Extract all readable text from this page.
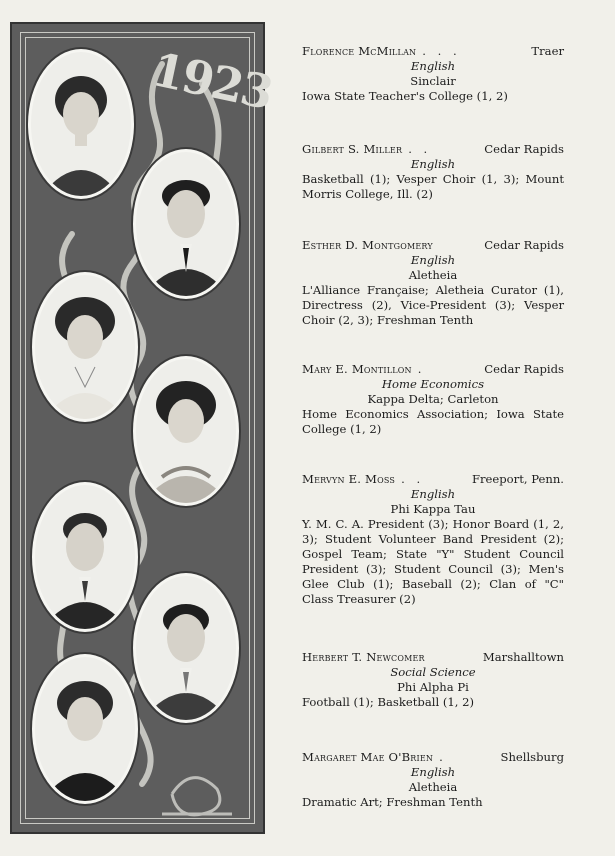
1923 Florence McMillan . . .	Traer
English
Sinclair
Iowa State Teacher's College (1, 2)
Gilbert S. Miller . .	Cedar Rapids
English
Basketball (1); Vesper Choir (1, 3); Mount Morris College, Ill. (2)
Esther D. Montgomery	Cedar Rapids
English
Aletheia
L'Alliance Française; Aletheia Curator (1), Directress (2), Vice-President (3); Vesper Choir (2, 3); Freshman Tenth
Mary E. Montillon .	Cedar Rapids
Home Economics
Kappa Delta; Carleton
Home Economics Association; Iowa State College (1, 2)
Mervyn E. Moss . .	Freeport, Penn.
English
Phi Kappa Tau
Y. M. C. A. President (3); Honor Board (1, 2, 3); Student Volunteer Band President (2); Gospel Team; State "Y" Student Council President (3); Student Council (3); Men's Glee Club (1); Baseball (2); Clan of "C" Class Treasurer (2)
Herbert T. Newcomer	Marshalltown
Social Science
Phi Alpha Pi
Football (1); Basketball (1, 2)
Margaret Mae O'Brien .	Shellsburg
English
Aletheia
Dramatic Art; Freshman Tenth
